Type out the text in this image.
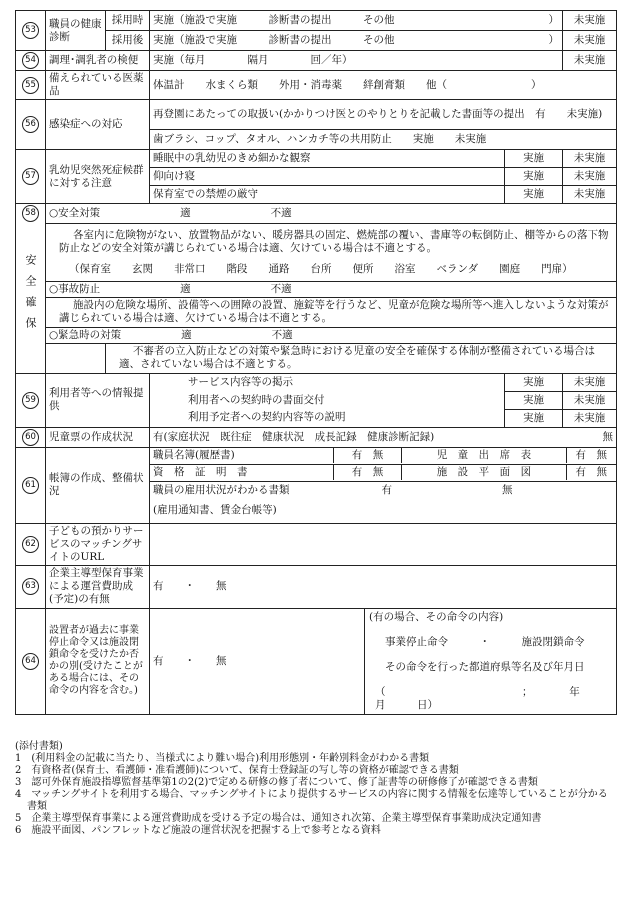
53	職員の健康診断	採用時	実施（施設で実施　　　診断書の提出　　　その他	）	未実施
採用後	実施（施設で実施　　　診断書の提出　　　その他	）	未実施
54	調理･調乳者の検便	実施（毎月　　　　隔月　　　　回／年）	未実施
55	備えられている医薬品	体温計　　水まくら類　　外用・消毒薬　　絆創膏類　　他（　　　　　　　　）
56	感染症への対応	再登園にあたっての取扱い(かかりつけ医とのやりとりを記載した書面等の提出　有　　未実施)
歯ブラシ、コップ、タオル、ハンカチ等の共用防止　　実施　　未実施
57	乳幼児突然死症候群に対する注意	睡眠中の乳幼児のきめ細かな観察	実施	未実施
仰向け寝	実施	未実施
保育室での禁煙の厳守	実施	未実施
58	○安全対策	適	不適
安全確保	
各室内に危険物がない、放置物品がない、暖房器具の固定、燃焼部の覆い、書庫等の転倒防止、棚等からの落下物防止などの安全対策が講じられている場合は適、欠けている場合は不適とする。
（保育室　　玄関　　非常口　　階段　　通路　　台所　　便所　　浴室　　ベランダ　　園庭　　門扉）

○事故防止	適	不適

施設内の危険な場所、設備等への囲障の設置、施錠等を行うなど、児童が危険な場所等へ進入しないような対策が講じられている場合は適、欠けている場合は不適とする。

○緊急時の対策	適	不適

不審者の立入防止などの対策や緊急時における児童の安全を確保する体制が整備されている場合は適、されていない場合は不適とする。

59	利用者等への情報提供	サービス内容等の掲示	実施	未実施
利用者への契約時の書面交付	実施	未実施
利用予定者への契約内容等の説明	実施	未実施
60	児童票の作成状況	有(家庭状況　既往症　健康状況　成長記録　健康診断記録)	無
61	帳簿の作成、整備状況	
職員名簿(履歴書)	有　無	児　童　出　席　表	有　無

資　格　証　明　書	有　無	施　設　平　面　図	有　無

職員の雇用状況がわかる書類	有	無
(雇用通知書、賃金台帳等)
62	子どもの預かりサービスのマッチングサイトのURL	
63	企業主導型保育事業による運営費助成(予定)の有無	有　　・　　無
64	設置者が過去に事業停止命令又は施設閉鎖命令を受けたか否かの別(受けたことがある場合には、その命令の内容を含む。)	有　　・　　無	
(有の場合、その命令の内容)
事業停止命令　　　・　　　施設閉鎖命令
その命令を行った都道府県等名及び年月日
（　　　　　　　　　　　　　；　　　　年　　　月　　　日）
(添付書類)
1　(利用料金の記載に当たり、当様式により難い場合)利用形態別・年齢別料金がわかる書類
2　有資格者(保育士、看護師・准看護師)について、保育士登録証の写し等の資格が確認できる書類
3　認可外保育施設指導監督基準第1の2(2)で定める研修の修了者について、修了証書等の研修修了が確認できる書類
4　マッチングサイトを利用する場合、マッチングサイトにより提供するサービスの内容に関する情報を伝達等していることが分かる書類
5　企業主導型保育事業による運営費助成を受ける予定の場合は、通知され次第、企業主導型保育事業助成決定通知書
6　施設平面図、パンフレットなど施設の運営状況を把握する上で参考となる資料
